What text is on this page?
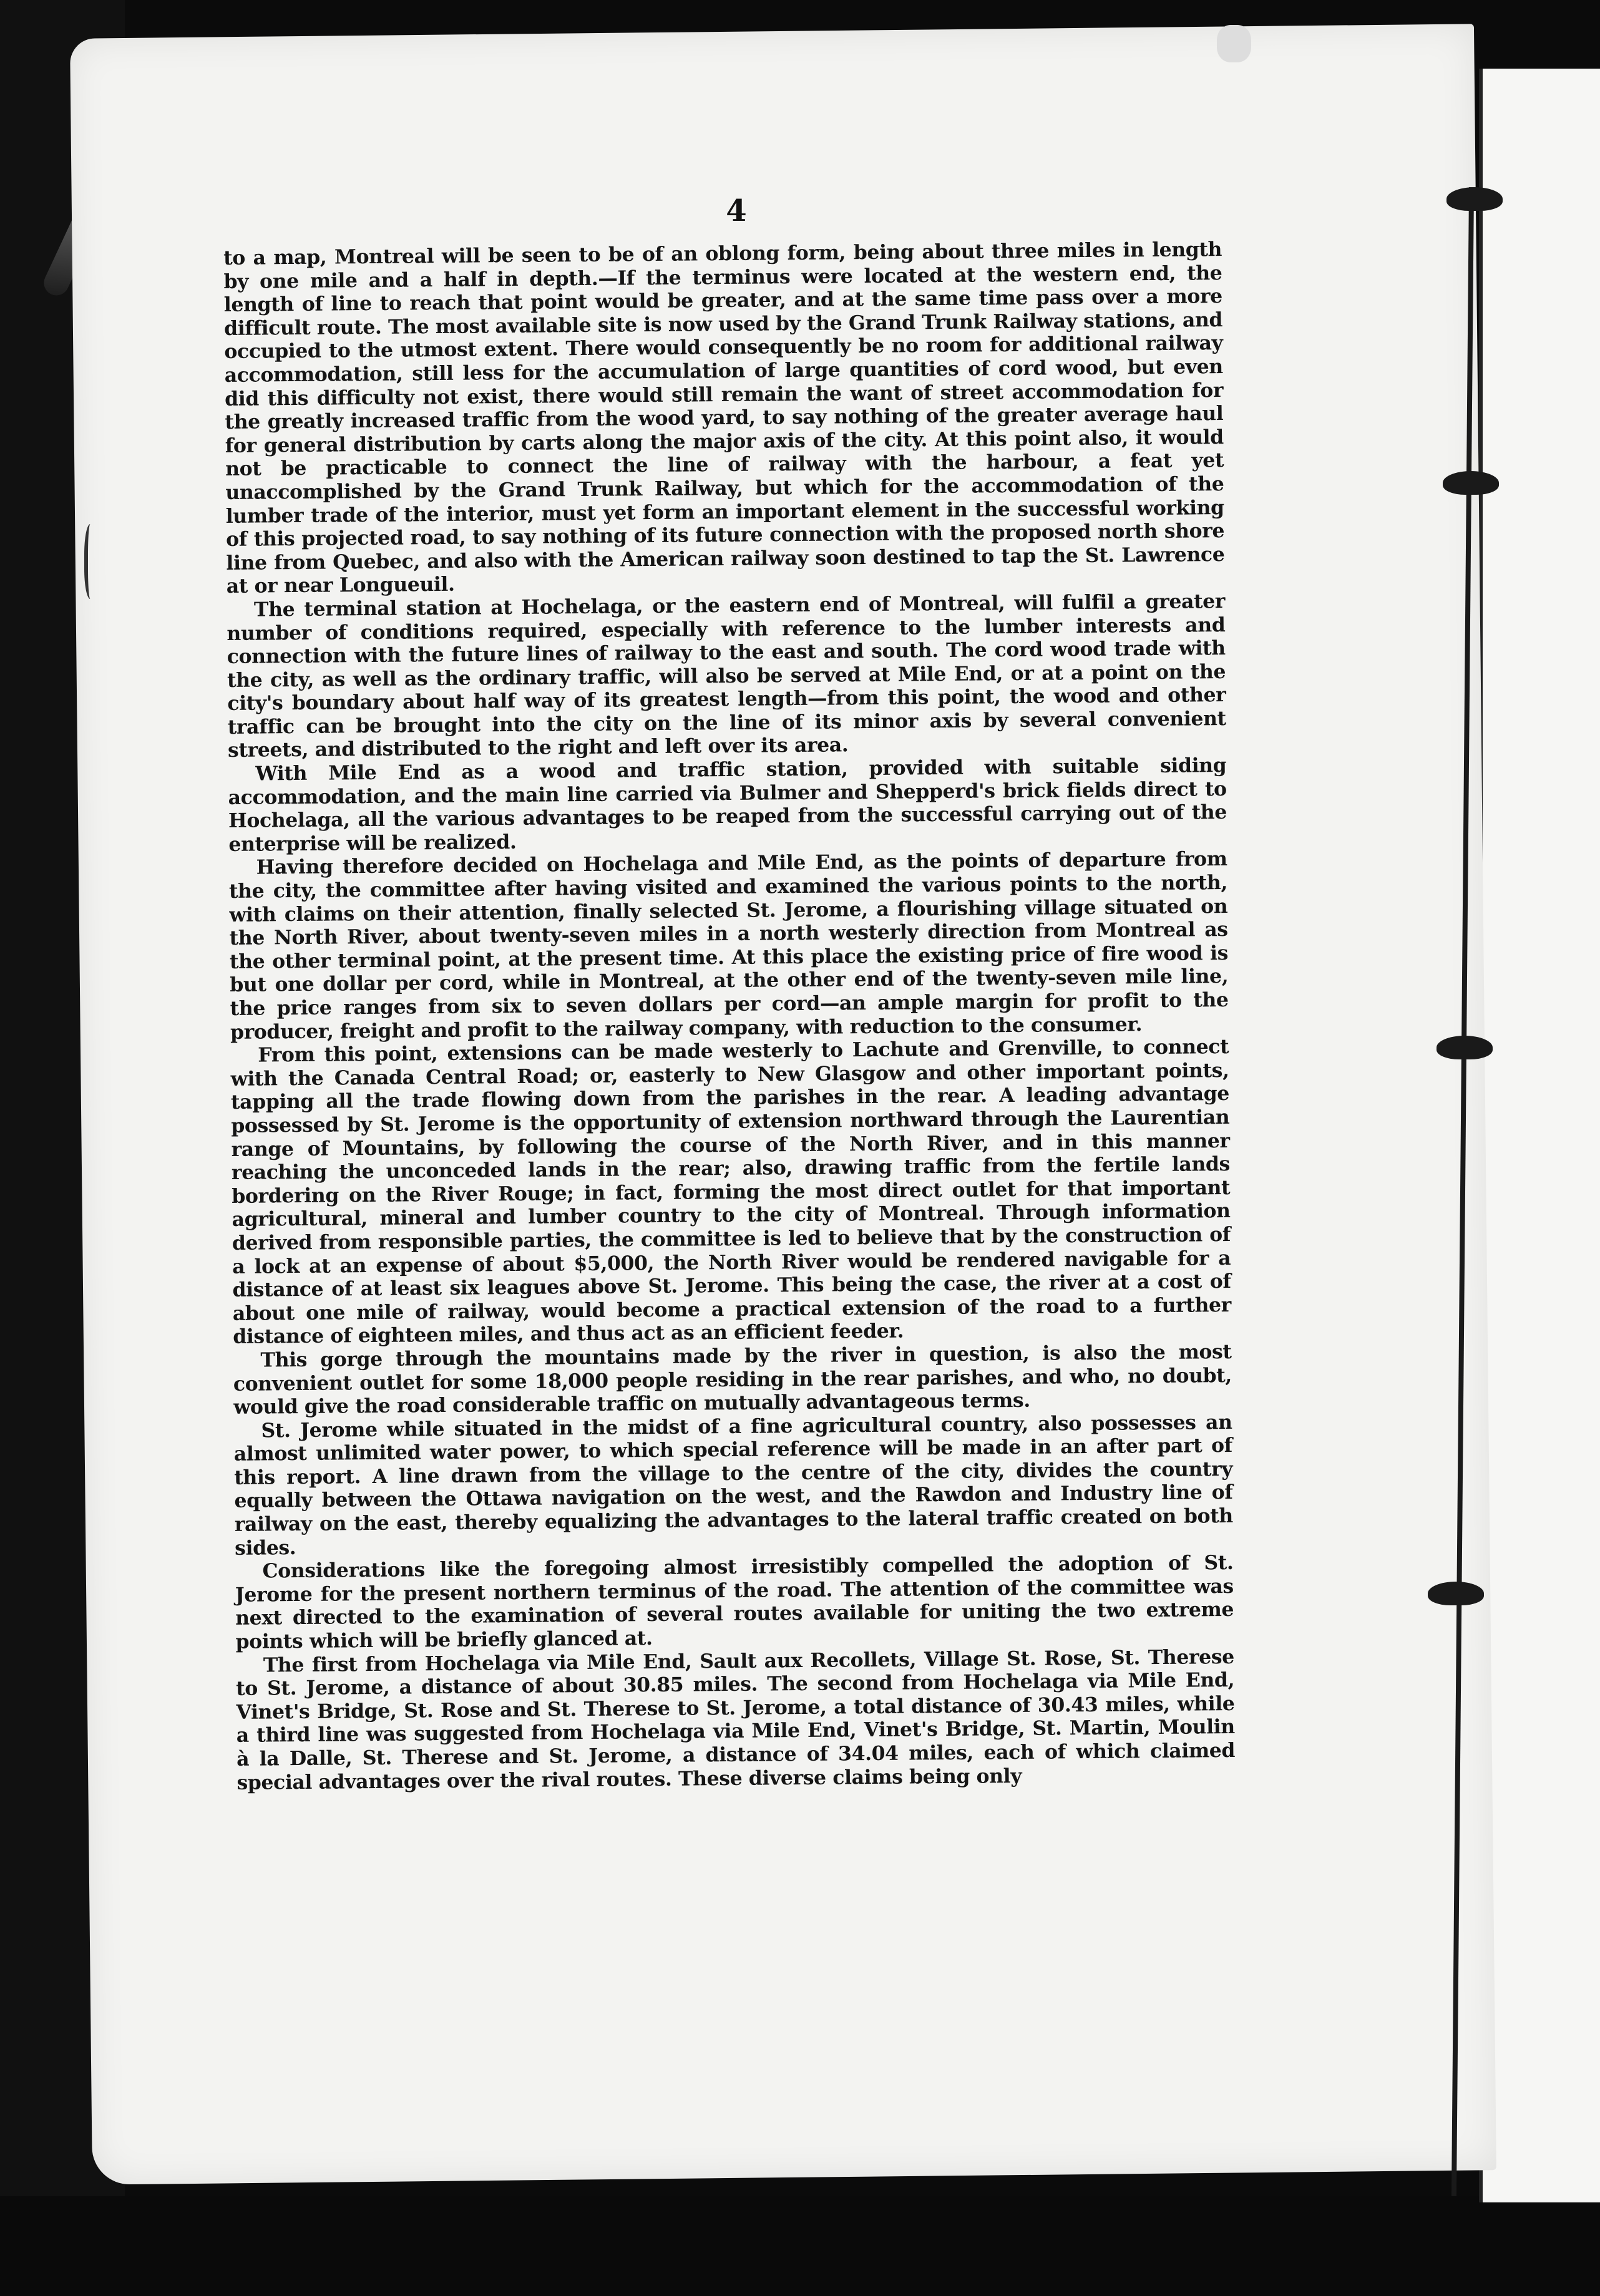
4

to a map, Montreal will be seen to be of an oblong form, being about three miles in length by one mile and a half in depth.—If the terminus were located at the western end, the length of line to reach that point would be greater, and at the same time pass over a more difficult route. The most available site is now used by the Grand Trunk Railway stations, and occupied to the utmost extent. There would consequently be no room for additional railway accommodation, still less for the accumulation of large quantities of cord wood, but even did this difficulty not exist, there would still remain the want of street accommodation for the greatly increased traffic from the wood yard, to say nothing of the greater average haul for general distribution by carts along the major axis of the city. At this point also, it would not be practicable to connect the line of railway with the harbour, a feat yet unaccomplished by the Grand Trunk Railway, but which for the accommodation of the lumber trade of the interior, must yet form an important element in the successful working of this projected road, to say nothing of its future connection with the proposed north shore line from Quebec, and also with the American railway soon destined to tap the St. Lawrence at or near Longueuil.

The terminal station at Hochelaga, or the eastern end of Montreal, will fulfil a greater number of conditions required, especially with reference to the lumber interests and connection with the future lines of railway to the east and south. The cord wood trade with the city, as well as the ordinary traffic, will also be served at Mile End, or at a point on the city's boundary about half way of its greatest length—from this point, the wood and other traffic can be brought into the city on the line of its minor axis by several convenient streets, and distributed to the right and left over its area.

With Mile End as a wood and traffic station, provided with suitable siding accommodation, and the main line carried via Bulmer and Shepperd's brick fields direct to Hochelaga, all the various advantages to be reaped from the successful carrying out of the enterprise will be realized.

Having therefore decided on Hochelaga and Mile End, as the points of departure from the city, the committee after having visited and examined the various points to the north, with claims on their attention, finally selected St. Jerome, a flourishing village situated on the North River, about twenty-seven miles in a north westerly direction from Montreal as the other terminal point, at the present time. At this place the existing price of fire wood is but one dollar per cord, while in Montreal, at the other end of the twenty-seven mile line, the price ranges from six to seven dollars per cord—an ample margin for profit to the producer, freight and profit to the railway company, with reduction to the consumer.

From this point, extensions can be made westerly to Lachute and Grenville, to connect with the Canada Central Road; or, easterly to New Glasgow and other important points, tapping all the trade flowing down from the parishes in the rear. A leading advantage possessed by St. Jerome is the opportunity of extension northward through the Laurentian range of Mountains, by following the course of the North River, and in this manner reaching the unconceded lands in the rear; also, drawing traffic from the fertile lands bordering on the River Rouge; in fact, forming the most direct outlet for that important agricultural, mineral and lumber country to the city of Montreal. Through information derived from responsible parties, the committee is led to believe that by the construction of a lock at an expense of about $5,000, the North River would be rendered navigable for a distance of at least six leagues above St. Jerome. This being the case, the river at a cost of about one mile of railway, would become a practical extension of the road to a further distance of eighteen miles, and thus act as an efficient feeder.

This gorge through the mountains made by the river in question, is also the most convenient outlet for some 18,000 people residing in the rear parishes, and who, no doubt, would give the road considerable traffic on mutually advantageous terms.

St. Jerome while situated in the midst of a fine agricultural country, also possesses an almost unlimited water power, to which special reference will be made in an after part of this report. A line drawn from the village to the centre of the city, divides the country equally between the Ottawa navigation on the west, and the Rawdon and Industry line of railway on the east, thereby equalizing the advantages to the lateral traffic created on both sides.

Considerations like the foregoing almost irresistibly compelled the adoption of St. Jerome for the present northern terminus of the road. The attention of the committee was next directed to the examination of several routes available for uniting the two extreme points which will be briefly glanced at.

The first from Hochelaga via Mile End, Sault aux Recollets, Village St. Rose, St. Therese to St. Jerome, a distance of about 30.85 miles. The second from Hochelaga via Mile End, Vinet's Bridge, St. Rose and St. Therese to St. Jerome, a total distance of 30.43 miles, while a third line was suggested from Hochelaga via Mile End, Vinet's Bridge, St. Martin, Moulin à la Dalle, St. Therese and St. Jerome, a distance of 34.04 miles, each of which claimed special advantages over the rival routes. These diverse claims being only
